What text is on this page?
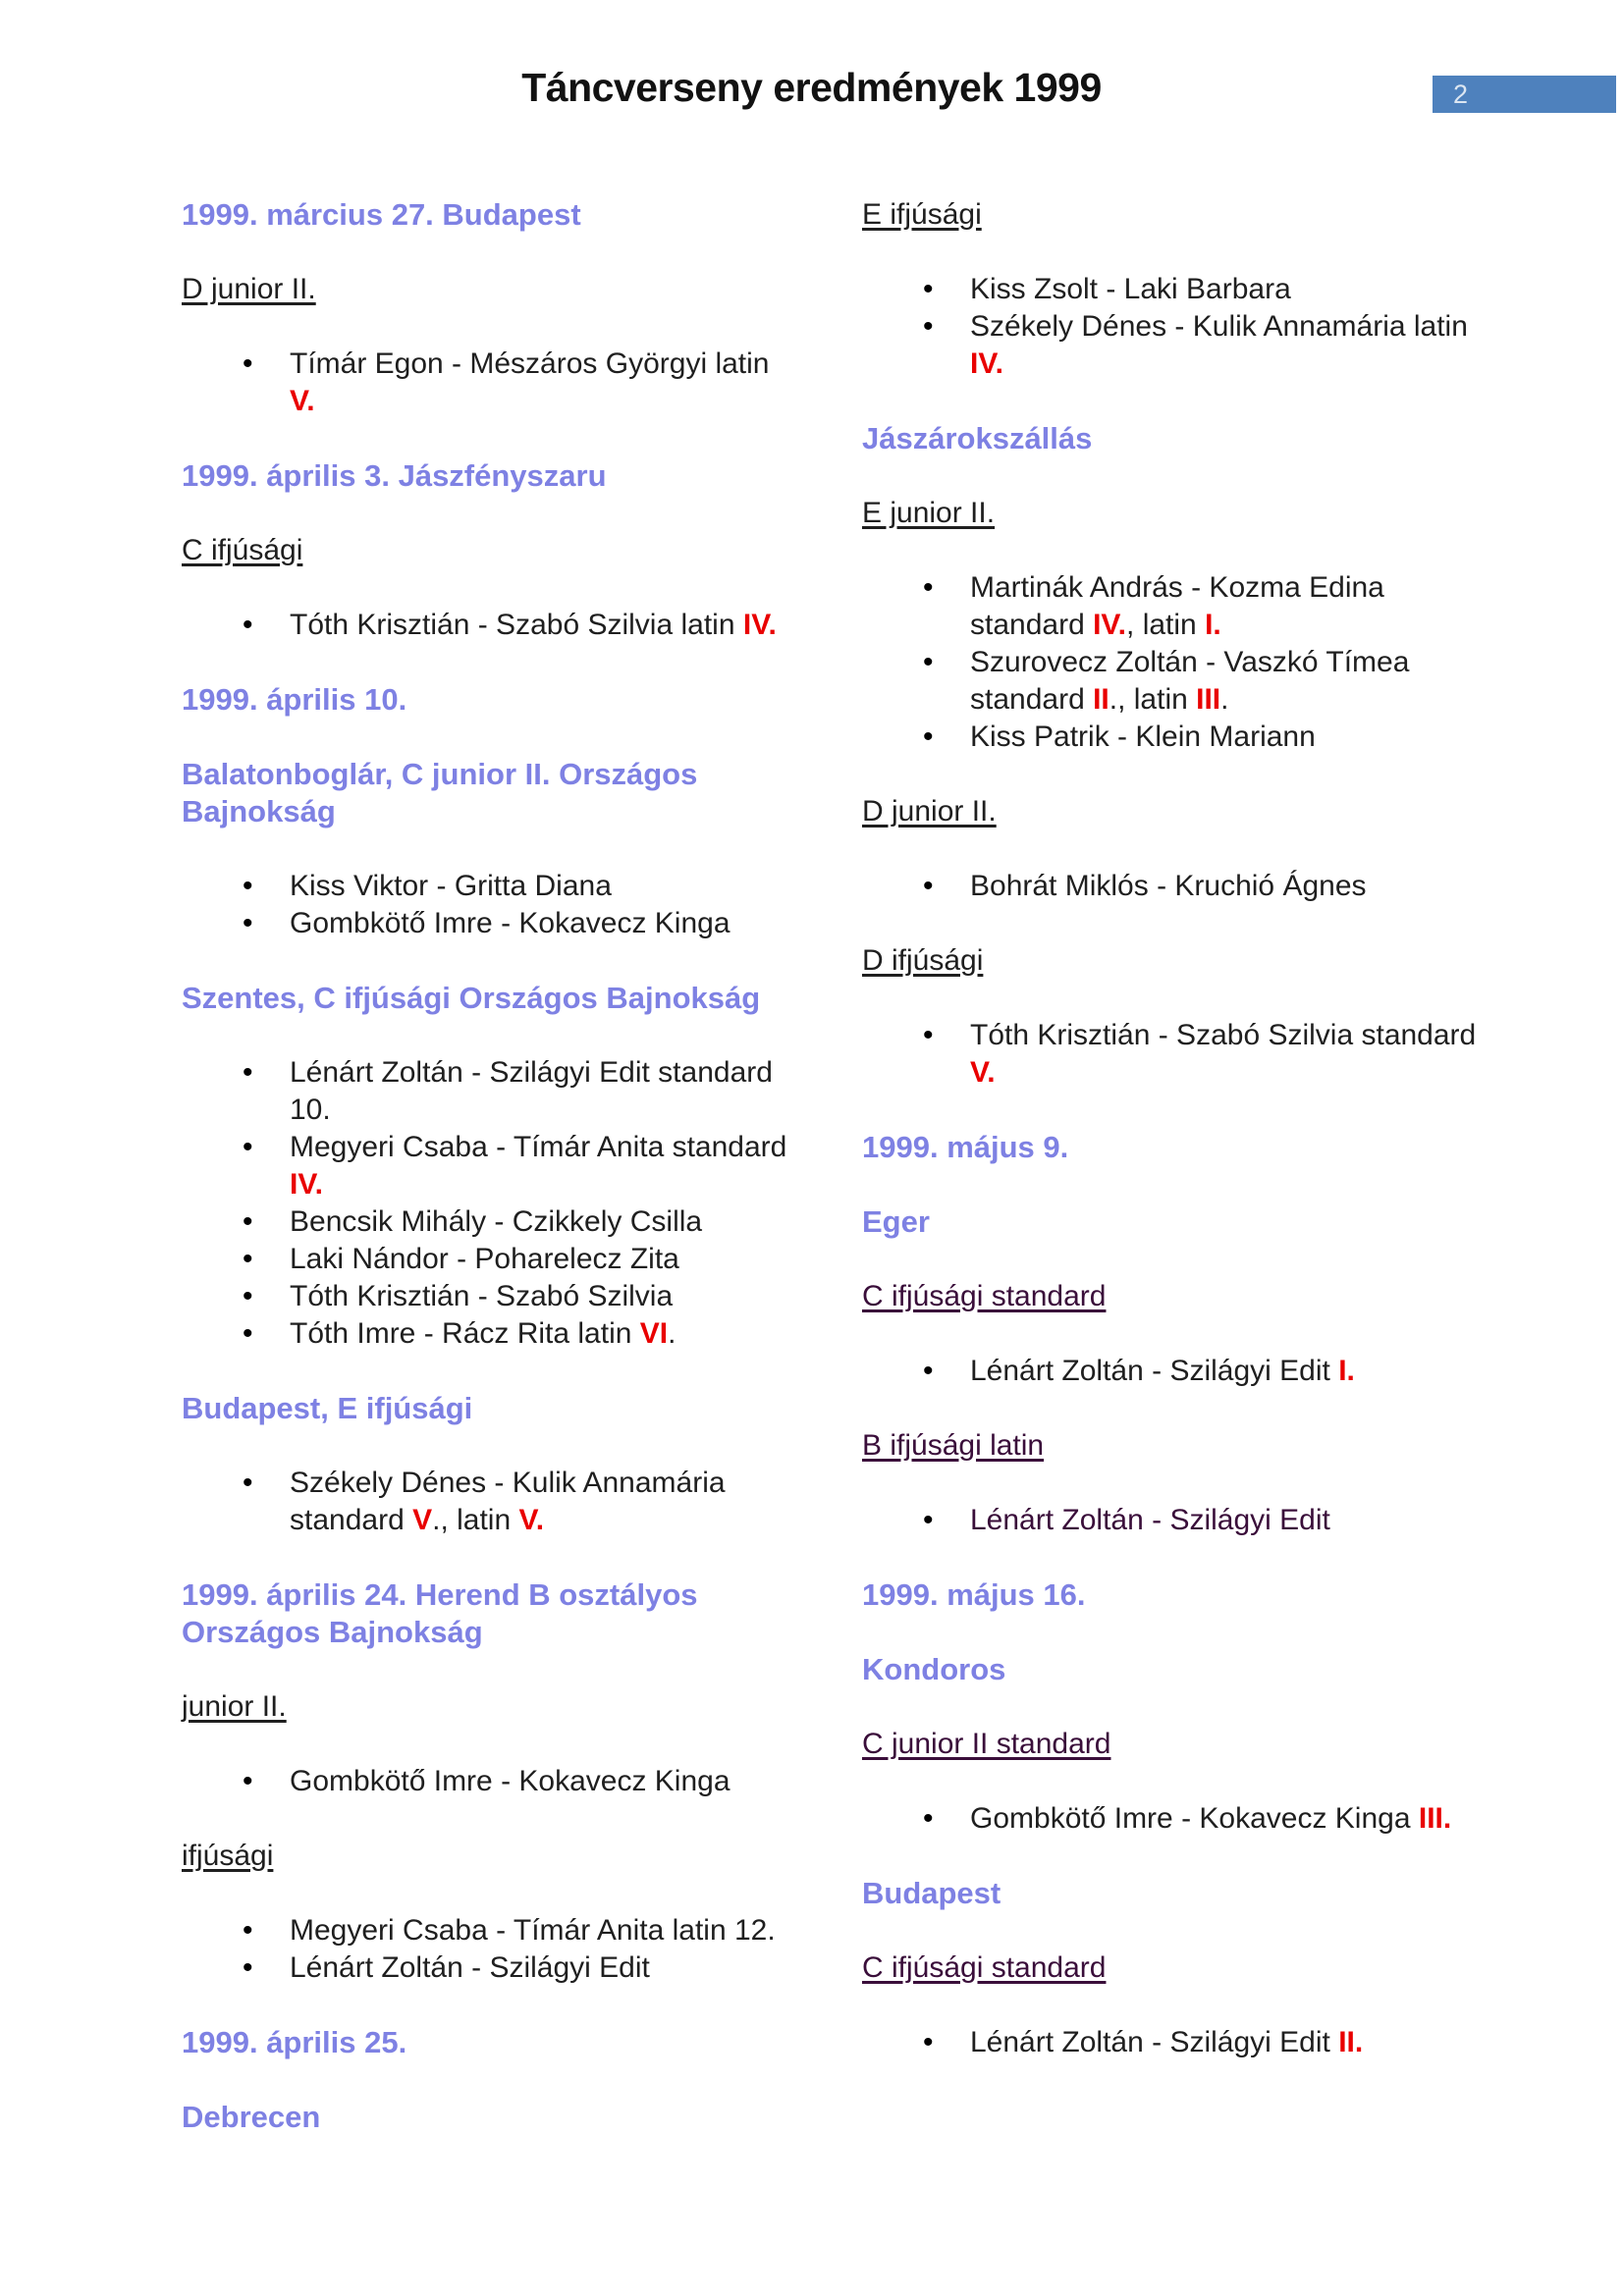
Táncverseny eredmények 1999	2

1999. március 27. Budapest

D junior II.

• Tímár Egon - Mészáros Györgyi latin V.

1999. április 3. Jászfényszaru

C ifjúsági

• Tóth Krisztián - Szabó Szilvia latin IV.

1999. április 10.

Balatonboglár, C junior II. Országos Bajnokság

• Kiss Viktor - Gritta Diana
• Gombkötő Imre - Kokavecz Kinga

Szentes, C ifjúsági Országos Bajnokság

• Lénárt Zoltán - Szilágyi Edit standard 10.
• Megyeri Csaba - Tímár Anita standard IV.
• Bencsik Mihály - Czikkely Csilla
• Laki Nándor - Poharelecz Zita
• Tóth Krisztián - Szabó Szilvia
• Tóth Imre - Rácz Rita latin VI.

Budapest, E ifjúsági

• Székely Dénes - Kulik Annamária standard V., latin V.

1999. április 24. Herend B osztályos Országos Bajnokság

junior II.

• Gombkötő Imre - Kokavecz Kinga

ifjúsági

• Megyeri Csaba - Tímár Anita latin 12.
• Lénárt Zoltán - Szilágyi Edit

1999. április 25.

Debrecen

E ifjúsági

• Kiss Zsolt - Laki Barbara
• Székely Dénes - Kulik Annamária latin IV.

Jászárokszállás

E junior II.

• Martinák András - Kozma Edina standard IV., latin I.
• Szurovecz Zoltán - Vaszkó Tímea standard II., latin III.
• Kiss Patrik - Klein Mariann

D junior II.

• Bohrát Miklós - Kruchió Ágnes

D ifjúsági

• Tóth Krisztián - Szabó Szilvia standard V.

1999. május 9.

Eger

C ifjúsági standard

• Lénárt Zoltán - Szilágyi Edit I.

B ifjúsági latin

• Lénárt Zoltán - Szilágyi Edit

1999. május 16.

Kondoros

C junior II standard

• Gombkötő Imre - Kokavecz Kinga III.

Budapest

C ifjúsági standard

• Lénárt Zoltán - Szilágyi Edit II.
